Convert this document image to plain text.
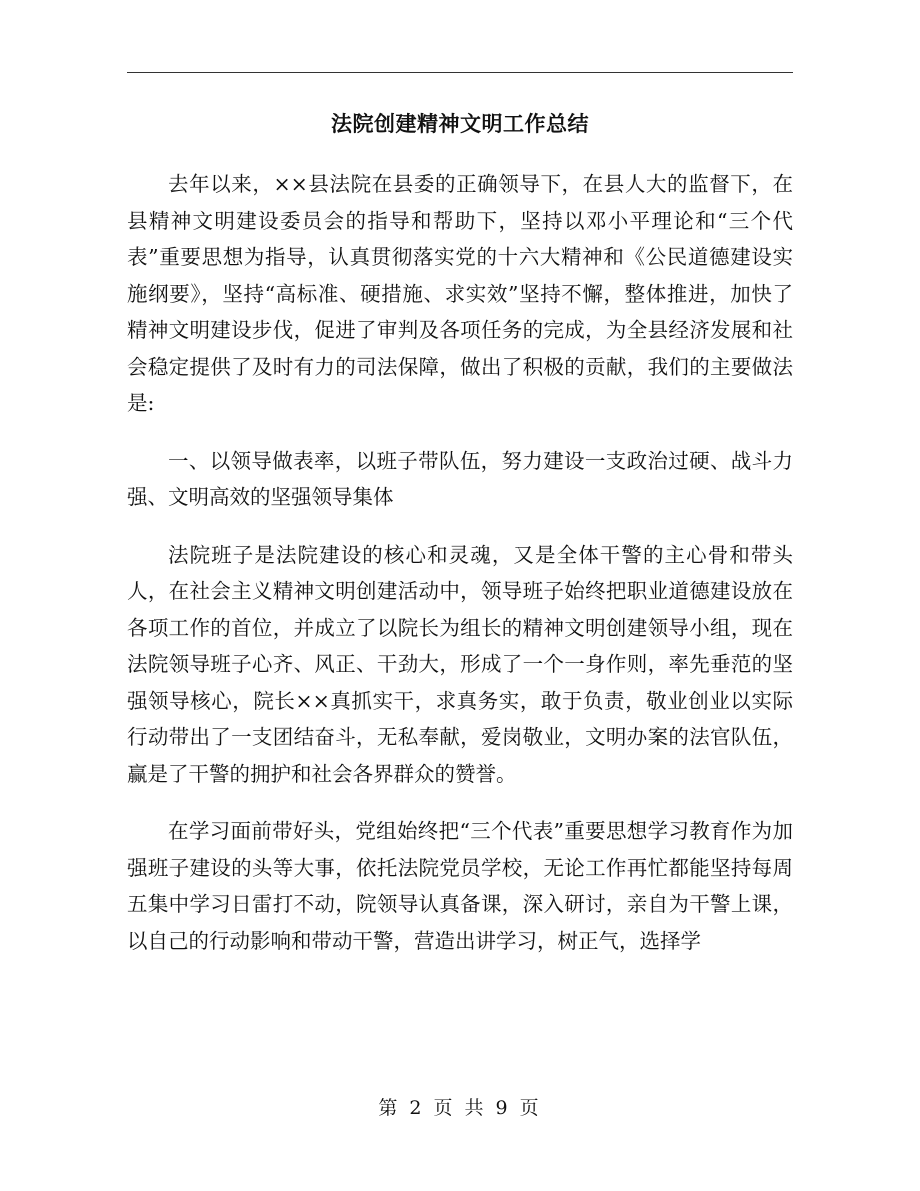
法院创建精神文明工作总结

去年以来，××县法院在县委的正确领导下，在县人大的监督下，在县精神文明建设委员会的指导和帮助下，坚持以邓小平理论和“三个代表”重要思想为指导，认真贯彻落实党的十六大精神和《公民道德建设实施纲要》，坚持“高标准、硬措施、求实效”坚持不懈，整体推进，加快了精神文明建设步伐，促进了审判及各项任务的完成，为全县经济发展和社会稳定提供了及时有力的司法保障，做出了积极的贡献，我们的主要做法是:

一、以领导做表率，以班子带队伍，努力建设一支政治过硬、战斗力强、文明高效的坚强领导集体

法院班子是法院建设的核心和灵魂，又是全体干警的主心骨和带头人，在社会主义精神文明创建活动中，领导班子始终把职业道德建设放在各项工作的首位，并成立了以院长为组长的精神文明创建领导小组，现在法院领导班子心齐、风正、干劲大，形成了一个一身作则，率先垂范的坚强领导核心，院长××真抓实干，求真务实，敢于负责，敬业创业以实际行动带出了一支团结奋斗，无私奉献，爱岗敬业，文明办案的法官队伍，赢是了干警的拥护和社会各界群众的赞誉。

在学习面前带好头，党组始终把“三个代表”重要思想学习教育作为加强班子建设的头等大事，依托法院党员学校，无论工作再忙都能坚持每周五集中学习日雷打不动，院领导认真备课，深入研讨，亲自为干警上课，以自己的行动影响和带动干警，营造出讲学习，树正气，选择学

第 2 页 共 9 页
